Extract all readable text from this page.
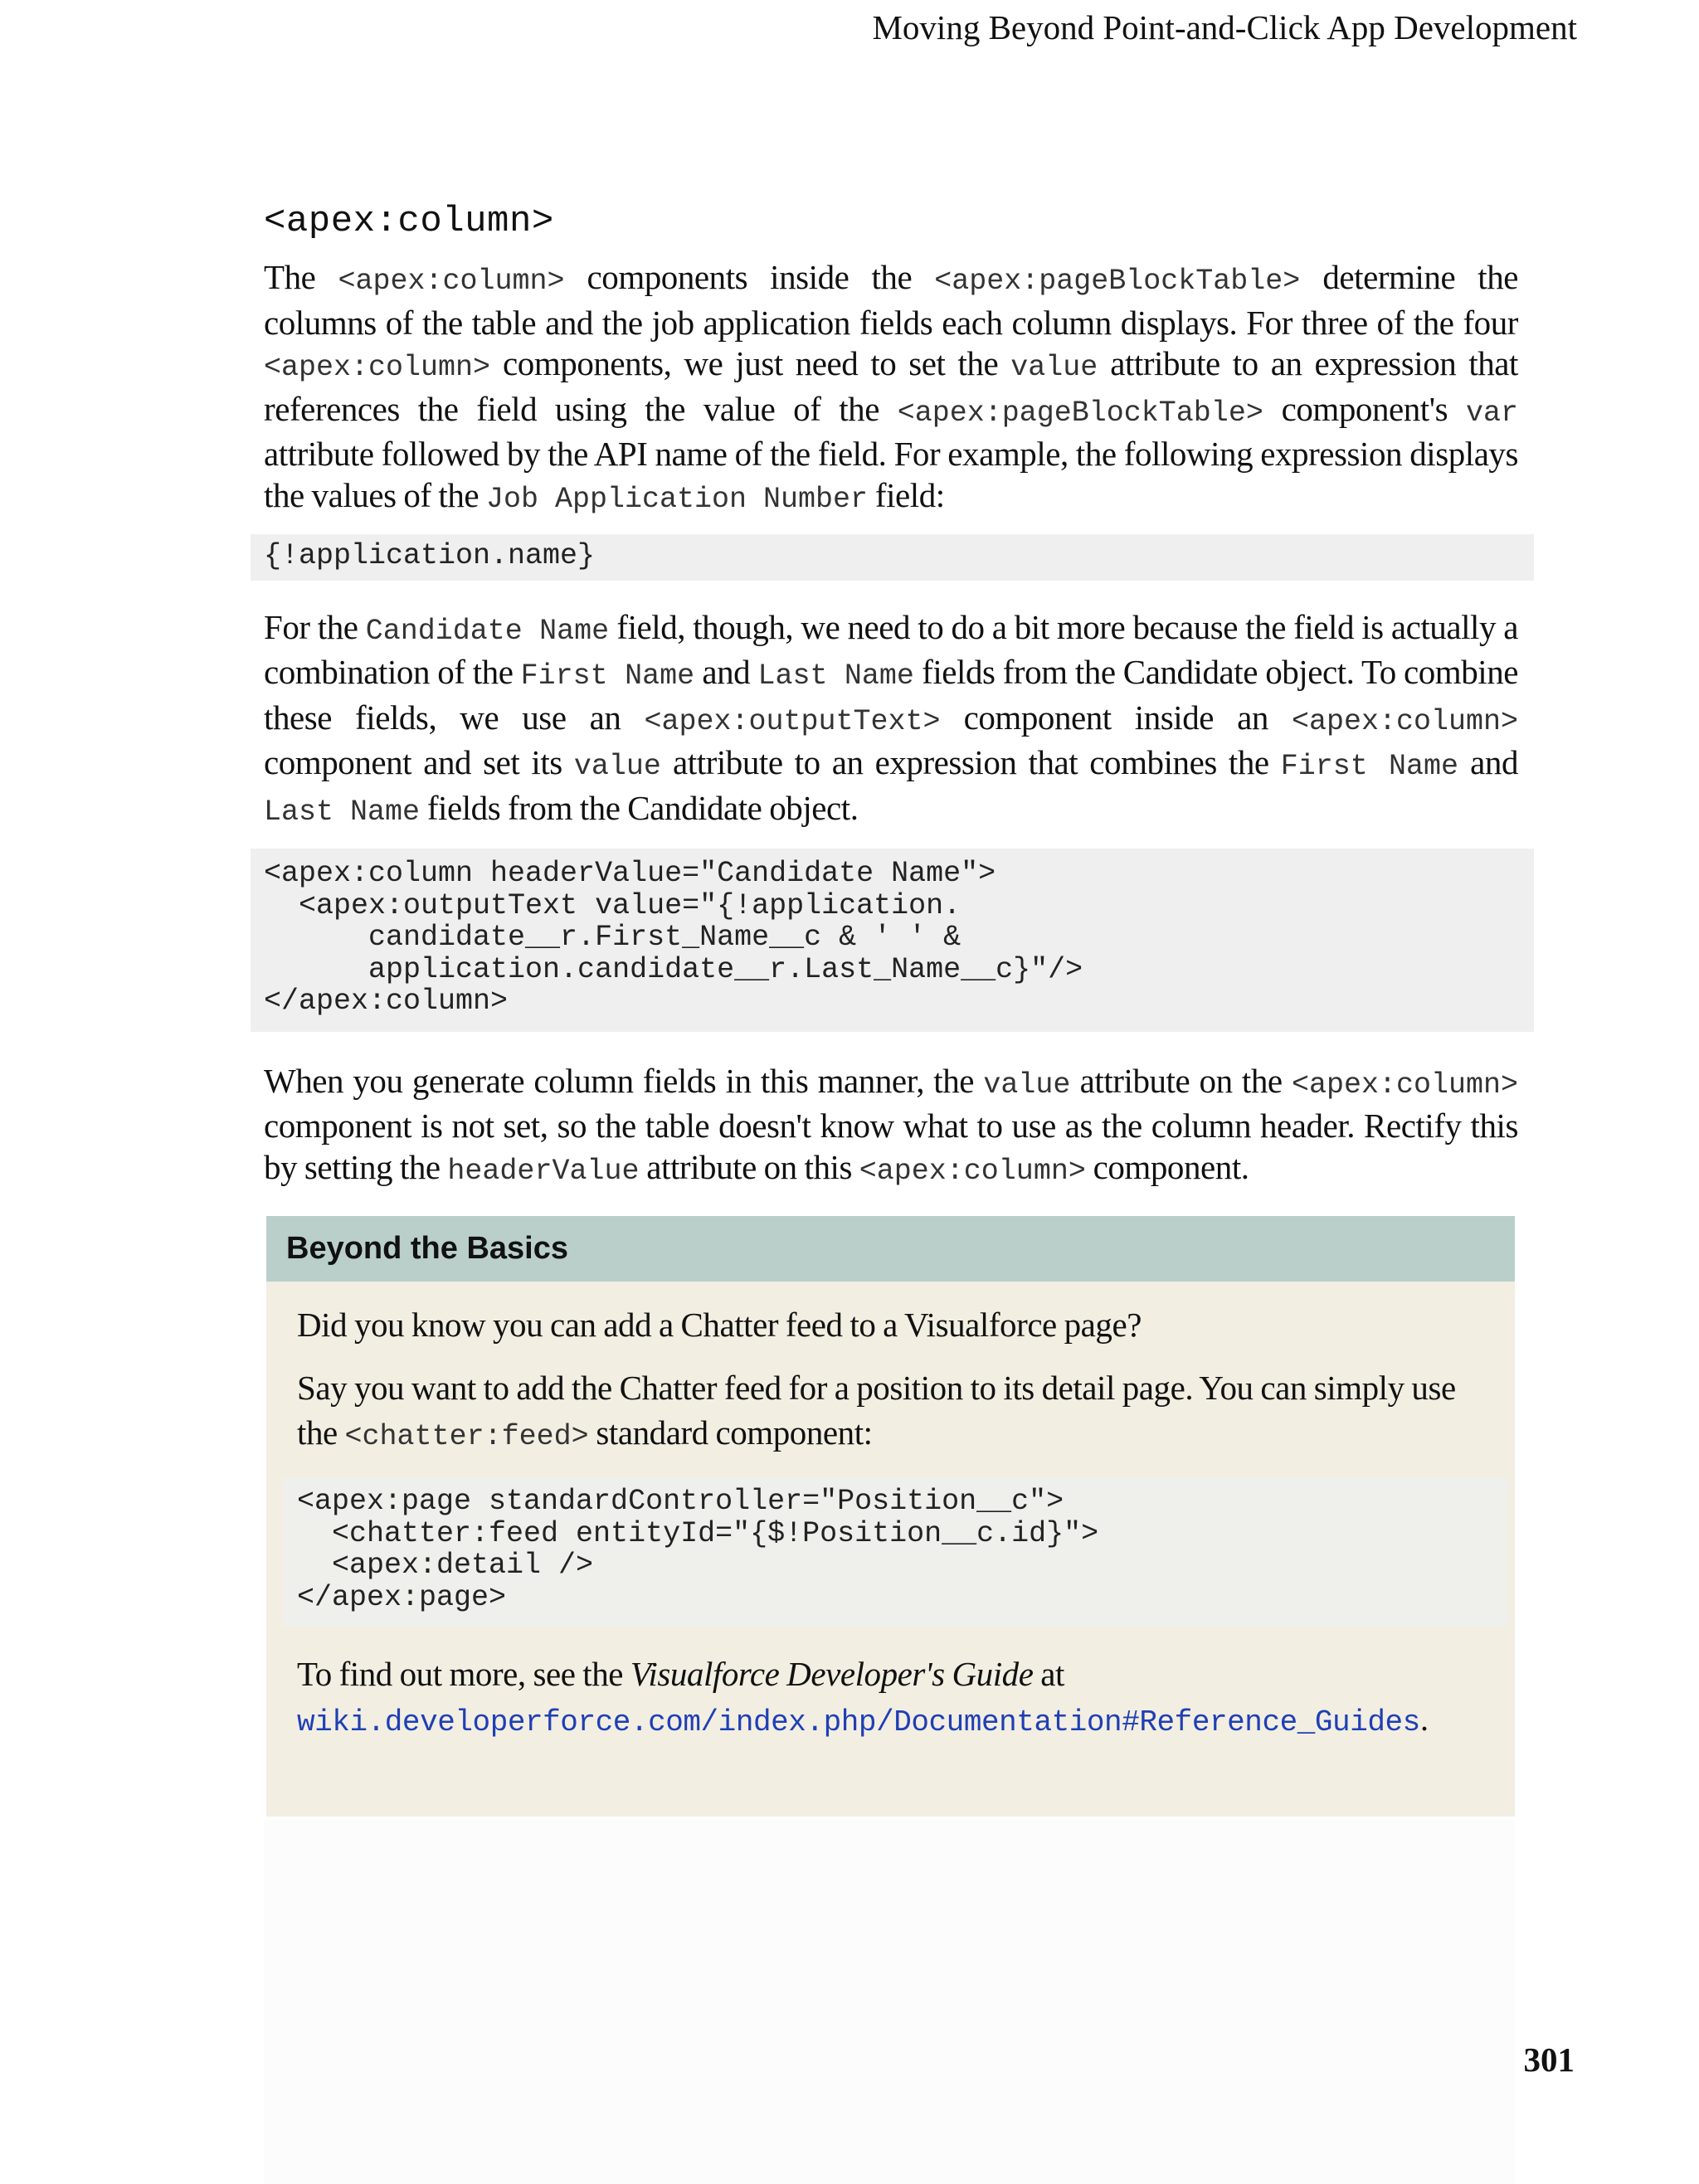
Moving Beyond Point-and-Click App Development
<apex:column>

The <apex:column> components inside the <apex:pageBlockTable> determine the columns of the table and the job application fields each column displays. For three of the four <apex:column> components, we just need to set the value attribute to an expression that references the field using the value of the <apex:pageBlockTable> component's var attribute followed by the API name of the field. For example, the following expression displays the values of the Job Application Number field:

{!application.name}

For the Candidate Name field, though, we need to do a bit more because the field is actually a combination of the First Name and Last Name fields from the Candidate object. To combine these fields, we use an <apex:outputText> component inside an <apex:column> component and set its value attribute to an expression that combines the First Name and Last Name fields from the Candidate object.

<apex:column headerValue="Candidate Name">
<apex:outputText value="{!application.
candidate__r.First_Name__c & ' ' &
application.candidate__r.Last_Name__c}"/>
</apex:column>

When you generate column fields in this manner, the value attribute on the <apex:column> component is not set, so the table doesn't know what to use as the column header. Rectify this by setting the headerValue attribute on this <apex:column> component.

Beyond the Basics

Did you know you can add a Chatter feed to a Visualforce page?

Say you want to add the Chatter feed for a position to its detail page. You can simply use the <chatter:feed> standard component:

<apex:page standardController="Position__c">
<chatter:feed entityId="{$!Position__c.id}">
<apex:detail />
</apex:page>

To find out more, see the Visualforce Developer's Guide at
wiki.developerforce.com/index.php/Documentation#Reference_Guides.

301
